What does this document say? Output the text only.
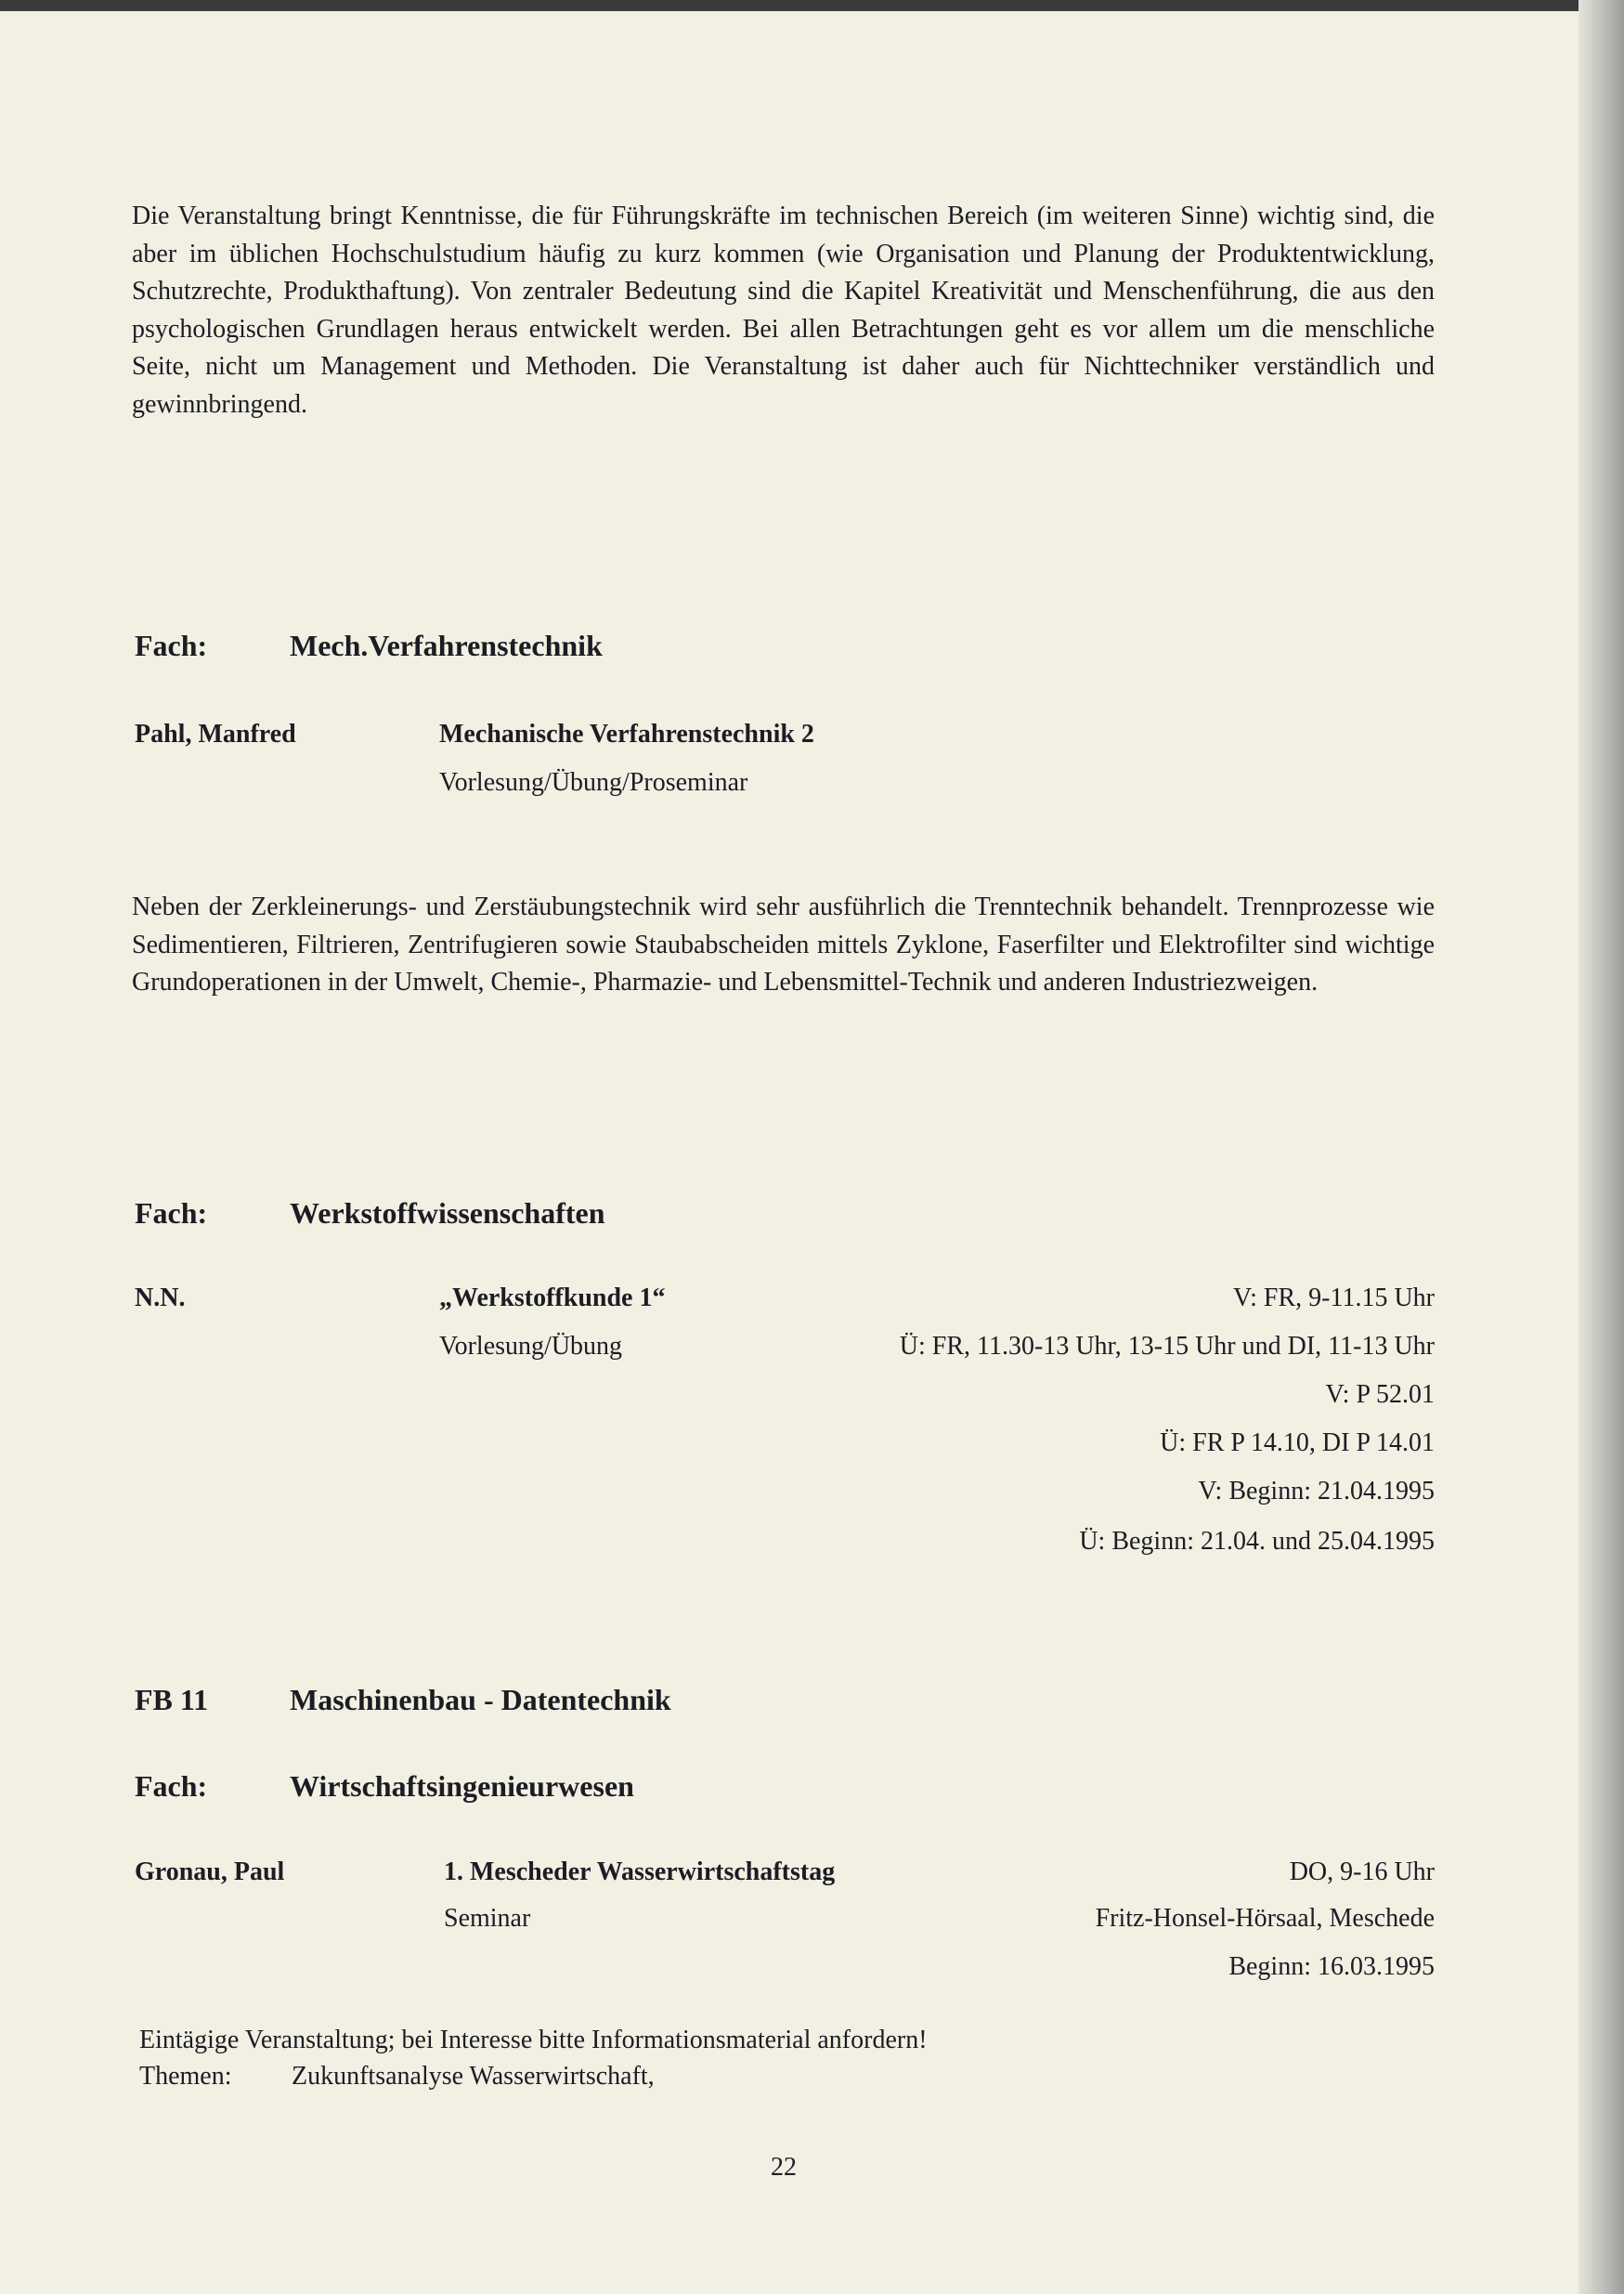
Die Veranstaltung bringt Kenntnisse, die für Führungskräfte im technischen Bereich (im weiteren Sinne) wichtig sind, die aber im üblichen Hochschulstudium häufig zu kurz kommen (wie Organisation und Planung der Produktentwicklung, Schutzrechte, Produkthaftung). Von zentraler Bedeutung sind die Kapitel Kreativität und Menschenführung, die aus den psychologischen Grundlagen heraus entwickelt werden. Bei allen Betrachtungen geht es vor allem um die menschliche Seite, nicht um Management und Methoden. Die Veranstaltung ist daher auch für Nichttechniker verständlich und gewinnbringend.
Fach:	Mech.Verfahrenstechnik
Pahl, Manfred	Mechanische Verfahrenstechnik 2
Vorlesung/Übung/Proseminar
Neben der Zerkleinerungs- und Zerstäubungstechnik wird sehr ausführlich die Trenntechnik behandelt. Trennprozesse wie Sedimentieren, Filtrieren, Zentrifugieren sowie Staubabscheiden mittels Zyklone, Faserfilter und Elektrofilter sind wichtige Grundoperationen in der Umwelt, Chemie-, Pharmazie- und Lebensmittel-Technik und anderen Industriezweigen.
Fach:	Werkstoffwissenschaften
N.N.	„Werkstoffkunde 1“
Vorlesung/Übung
V: FR, 9-11.15 Uhr
Ü: FR, 11.30-13 Uhr, 13-15 Uhr und DI, 11-13 Uhr
V: P 52.01
Ü: FR P 14.10, DI P 14.01
V: Beginn: 21.04.1995
Ü: Beginn: 21.04. und 25.04.1995
FB 11	Maschinenbau - Datentechnik
Fach:	Wirtschaftsingenieurwesen
Gronau, Paul	1. Mescheder Wasserwirtschaftstag
Seminar
DO, 9-16 Uhr
Fritz-Honsel-Hörsaal, Meschede
Beginn: 16.03.1995
Eintägige Veranstaltung; bei Interesse bitte Informationsmaterial anfordern!
Themen: Zukunftsanalyse Wasserwirtschaft,
22
